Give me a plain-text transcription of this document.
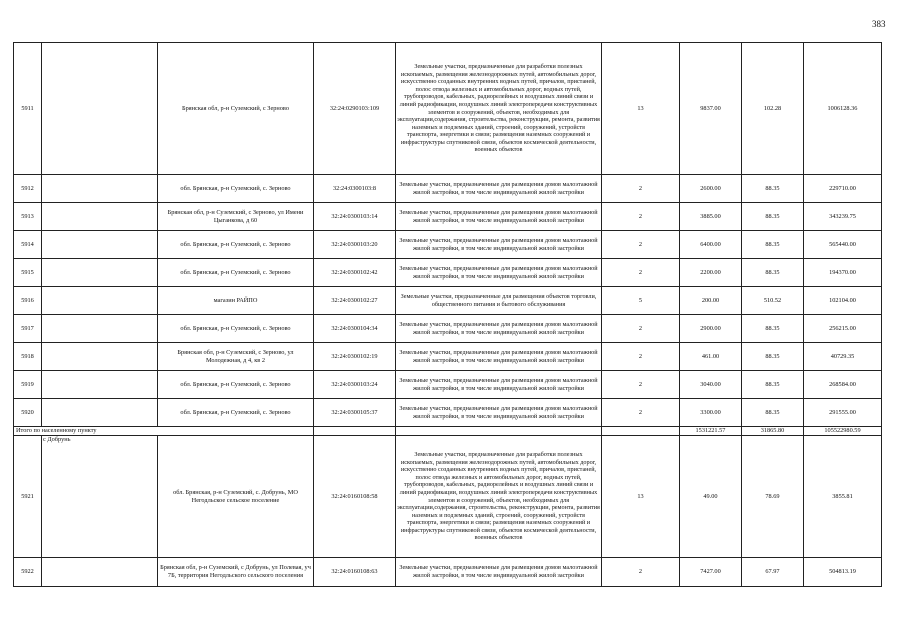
383
5911		Брянская обл, р-н Суземский, с Зерново	32:24:0290103:109	Земельные участки, предназначенные для разработки полезных ископаемых, размещения железнодорожных путей, автомобильных дорог, искусственно созданных внутренних водных путей, причалов, пристаней, полос отвода железных и автомобильных дорог, водных путей, трубопроводов, кабельных, радиорелейных и воздушных линий связи и линий радиофикации, воздушных линий электропередачи конструктивных элементов и сооружений, объектов, необходимых для эксплуатации,содержания, строительства, реконструкции, ремонта, развития наземных и подземных зданий, строений, сооружений, устройств транспорта, энергетики и связи; размещения наземных сооружений и инфраструктуры спутниковой связи, объектов космической деятельности, военных объектов	13	9837.00	102.28	1006128.36
5912		обл. Брянская, р-н Суземский, с. Зерново	32:24:0300103:8	Земельные участки, предназначенные для размещения домов малоэтажной жилой застройки, в том числе индивидуальной жилой застройки	2	2600.00	88.35	229710.00
5913		Брянская обл, р-н Суземский, с Зерново, ул Имени Цыганкова, д 60	32:24:0300103:14	Земельные участки, предназначенные для размещения домов малоэтажной жилой застройки, в том числе индивидуальной жилой застройки	2	3885.00	88.35	343239.75
5914		обл. Брянская, р-н Суземский, с. Зерново	32:24:0300103:20	Земельные участки, предназначенные для размещения домов малоэтажной жилой застройки, в том числе индивидуальной жилой застройки	2	6400.00	88.35	565440.00
5915		обл. Брянская, р-н Суземский, с. Зерново	32:24:0300102:42	Земельные участки, предназначенные для размещения домов малоэтажной жилой застройки, в том числе индивидуальной жилой застройки	2	2200.00	88.35	194370.00
5916		магазин РАЙПО	32:24:0300102:27	Земельные участки, предназначенные для размещения объектов торговли, общественного питания и бытового обслуживания	5	200.00	510.52	102104.00
5917		обл. Брянская, р-н Суземский, с. Зерново	32:24:0300104:34	Земельные участки, предназначенные для размещения домов малоэтажной жилой застройки, в том числе индивидуальной жилой застройки	2	2900.00	88.35	256215.00
5918		Брянская обл, р-н Суземский, с Зерново, ул Молодежная, д 4, кв 2	32:24:0300102:19	Земельные участки, предназначенные для размещения домов малоэтажной жилой застройки, в том числе индивидуальной жилой застройки	2	461.00	88.35	40729.35
5919		обл. Брянская, р-н Суземский, с. Зерново	32:24:0300103:24	Земельные участки, предназначенные для размещения домов малоэтажной жилой застройки, в том числе индивидуальной жилой застройки	2	3040.00	88.35	268584.00
5920		обл. Брянская, р-н Суземский, с. Зерново	32:24:0300105:37	Земельные участки, предназначенные для размещения домов малоэтажной жилой застройки, в том числе индивидуальной жилой застройки	2	3300.00	88.35	291555.00
Итого по населенному пункту						1531221.57	31865.80	105522980.59
5921	с Добрунь	обл. Брянская, р-н Суземский, с. Добрунь, МО Негодльское сельское поселение	32:24:0160108:58	Земельные участки, предназначенные для разработки полезных ископаемых, размещения железнодорожных путей, автомобильных дорог, искусственно созданных внутренних водных путей, причалов, пристаней, полос отвода железных и автомобильных дорог, водных путей, трубопроводов, кабельных, радиорелейных и воздушных линий связи и линий радиофикации, воздушных линий электропередачи конструктивных элементов и сооружений, объектов, необходимых для эксплуатации,содержания, строительства, реконструкции, ремонта, развития наземных и подземных зданий, строений, сооружений, устройств транспорта, энергетики и связи; размещения наземных сооружений и инфраструктуры спутниковой связи, объектов космической деятельности, военных объектов	13	49.00	78.69	3855.81
5922		Брянская обл, р-н Суземский, с Добрунь, ул Полевая, уч 7Б, территория Негодльского сельского поселения	32:24:0160108:63	Земельные участки, предназначенные для размещения домов малоэтажной жилой застройки, в том числе индивидуальной жилой застройки	2	7427.00	67.97	504813.19
